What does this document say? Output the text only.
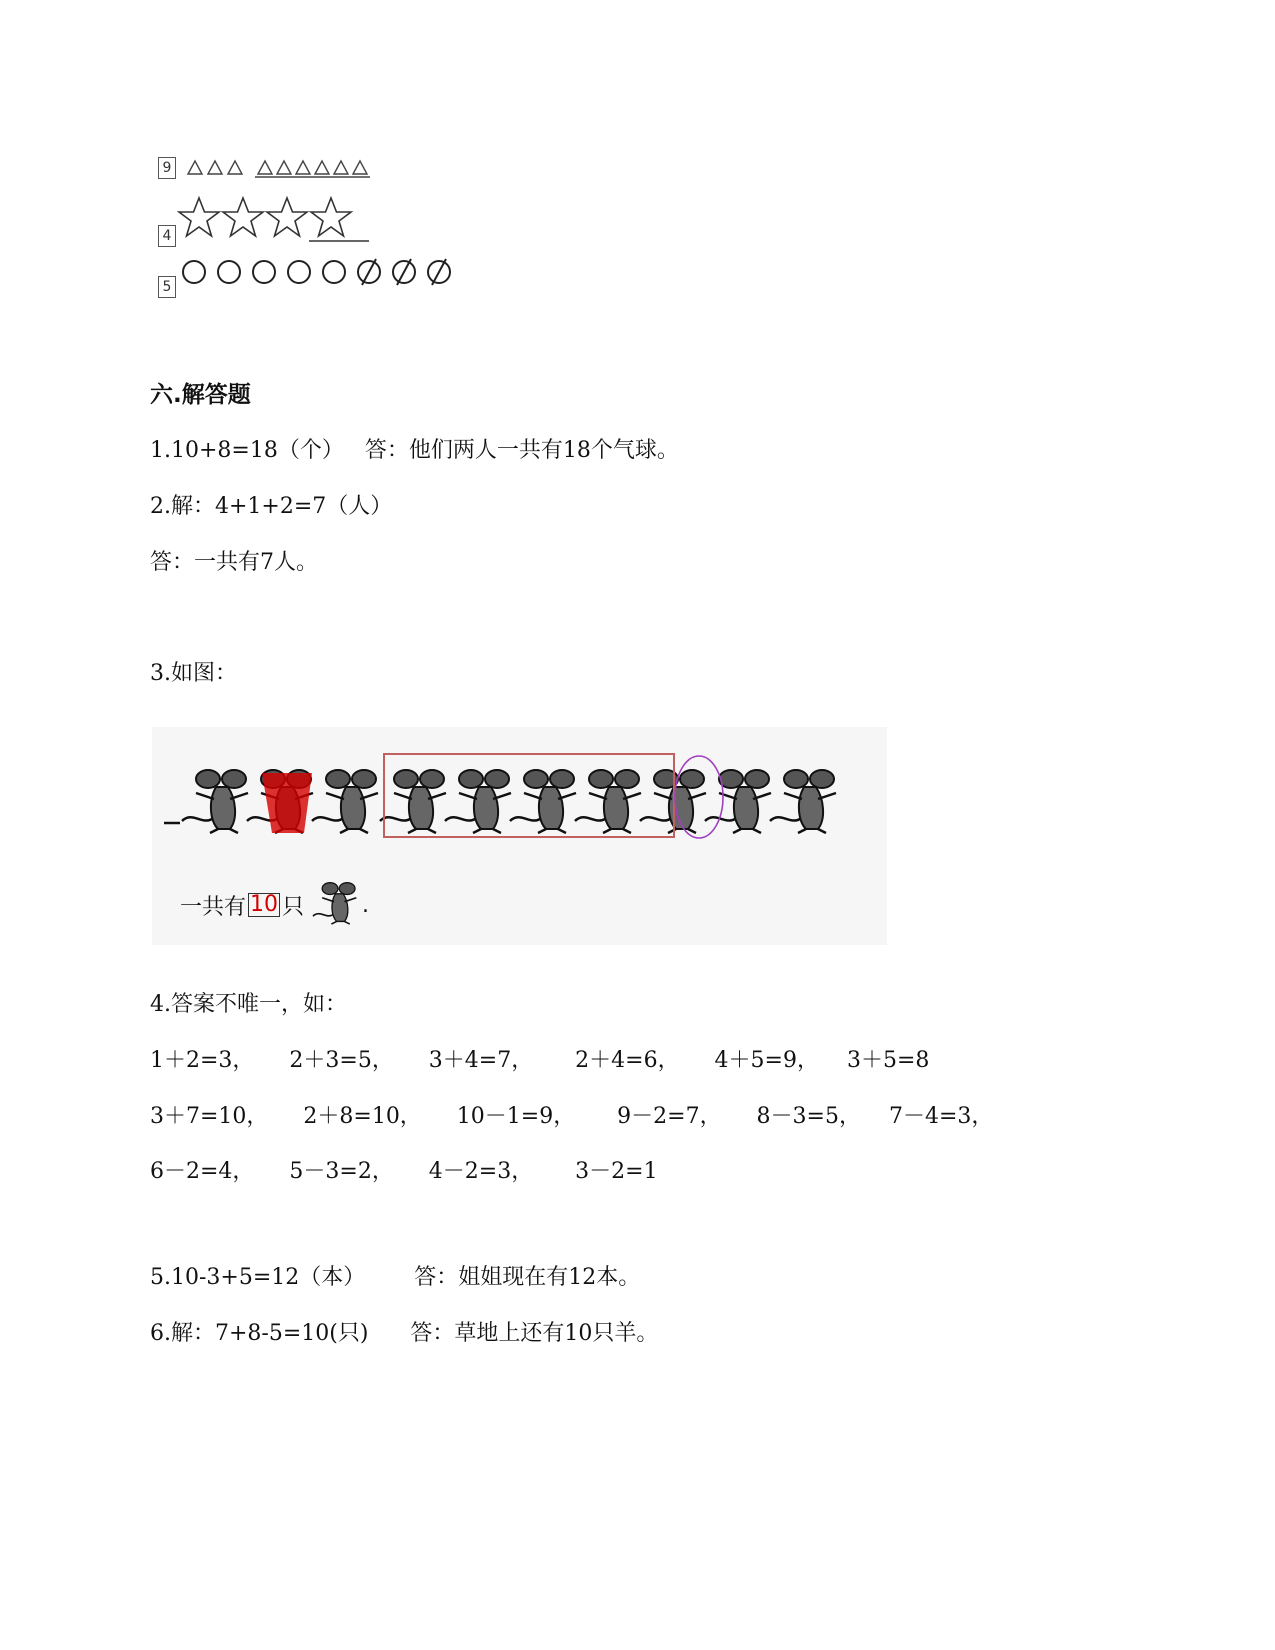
9
4
5
六.解答题
1.10+8=18（个）   答：他们两人一共有18个气球。
2.解：4+1+2=7（人）
答：一共有7人。
3.如图：
一共有 10 只	.
4.答案不唯一，如：
1＋2=3，     2＋3=5，     3＋4=7，      2＋4=6，     4＋5=9，    3＋5=8
3＋7=10，     2＋8=10，     10－1=9，      9－2=7，     8－3=5，    7－4=3，
6－2=4，     5－3=2，     4－2=3，      3－2=1
5.10-3+5=12（本）       答：姐姐现在有12本。
6.解：7+8-5=10(只)      答：草地上还有10只羊。
